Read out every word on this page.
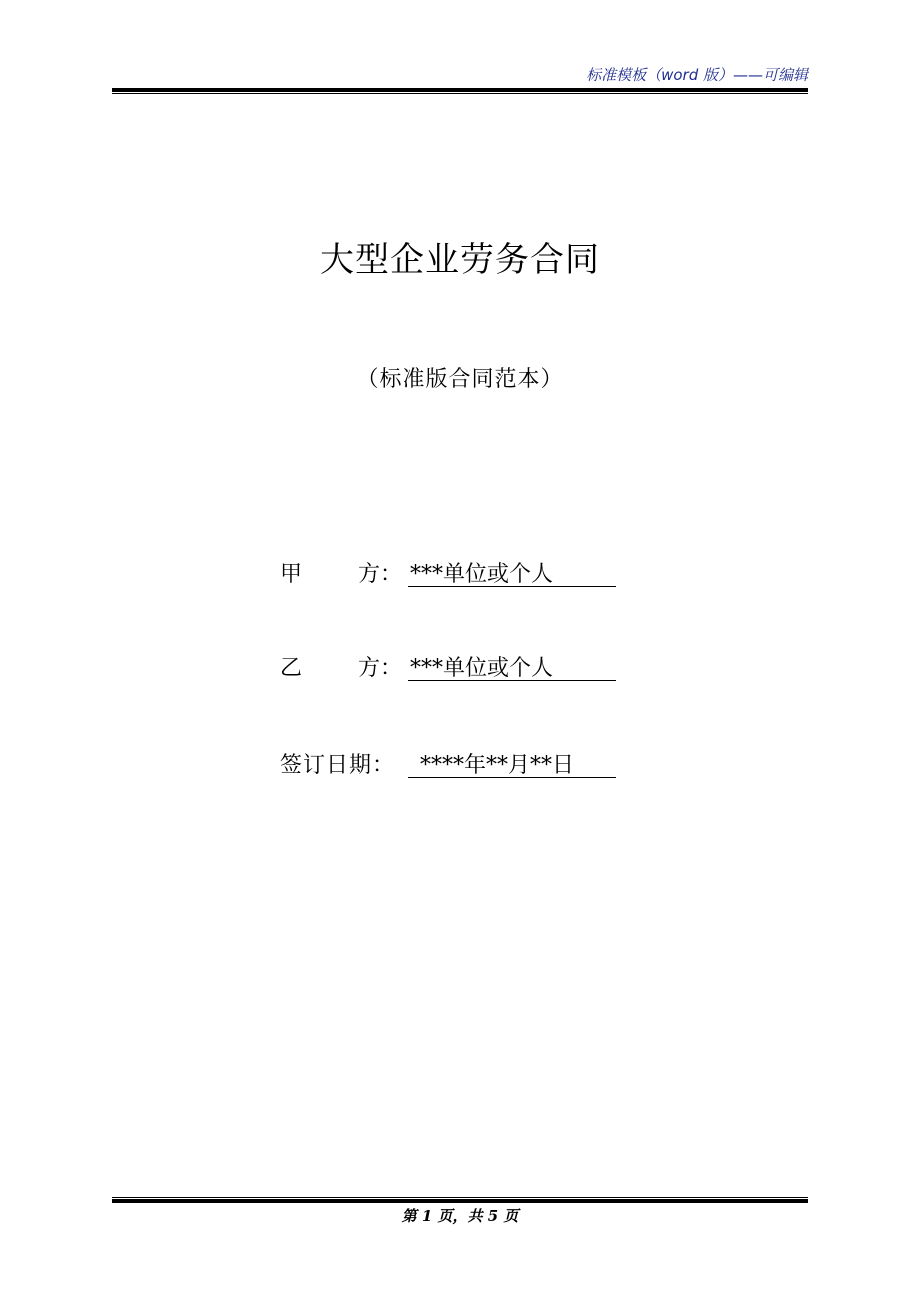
标准模板（word 版）——可编辑
大型企业劳务合同
（标准版合同范本）
甲	方： ***单位或个人
乙	方： ***单位或个人
签订日期：	****年**月**日
第 1 页，共 5 页
